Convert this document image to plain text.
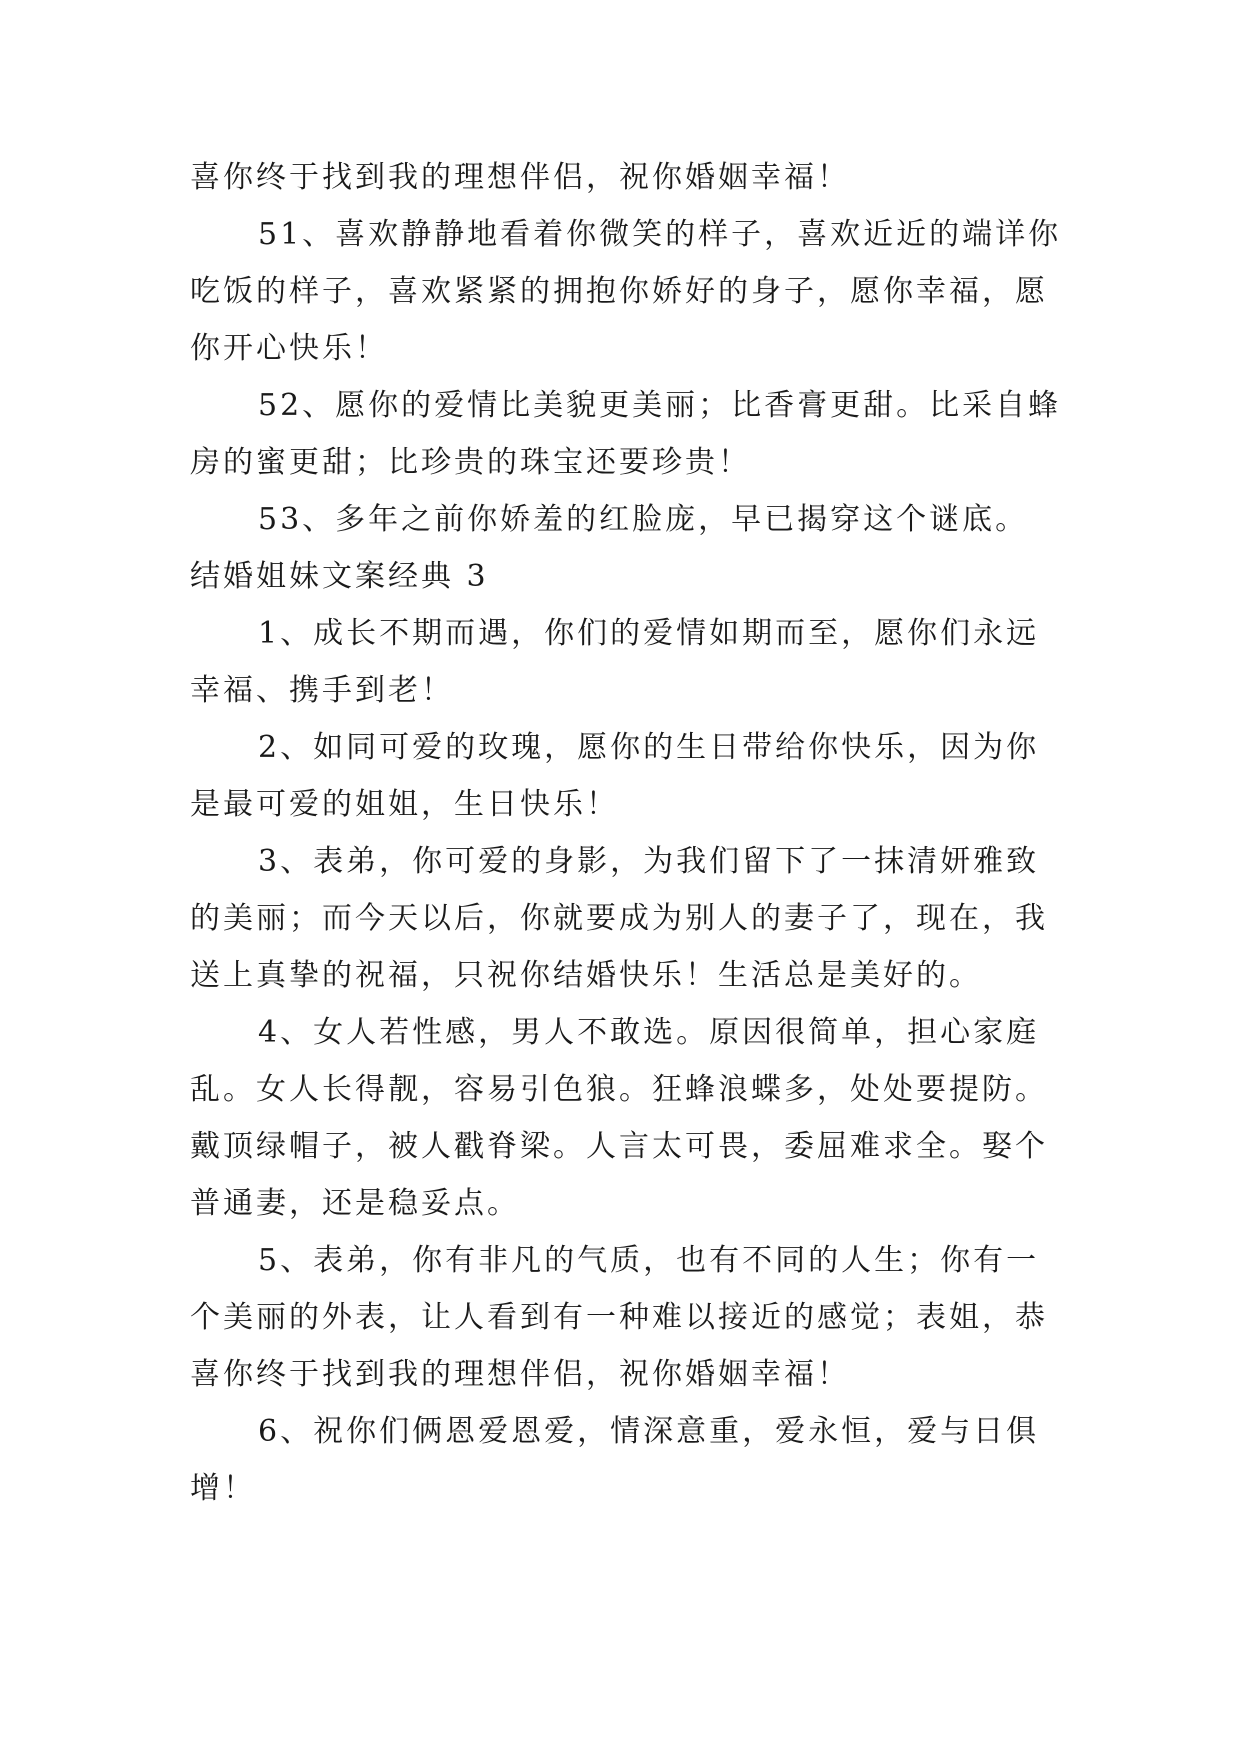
喜你终于找到我的理想伴侣，祝你婚姻幸福！
51、喜欢静静地看着你微笑的样子，喜欢近近的端详你
吃饭的样子，喜欢紧紧的拥抱你娇好的身子，愿你幸福，愿
你开心快乐！
52、愿你的爱情比美貌更美丽；比香膏更甜。比采自蜂
房的蜜更甜；比珍贵的珠宝还要珍贵！
53、多年之前你娇羞的红脸庞，早已揭穿这个谜底。
结婚姐妹文案经典 3
1、成长不期而遇，你们的爱情如期而至，愿你们永远
幸福、携手到老！
2、如同可爱的玫瑰，愿你的生日带给你快乐，因为你
是最可爱的姐姐，生日快乐！
3、表弟，你可爱的身影，为我们留下了一抹清妍雅致
的美丽；而今天以后，你就要成为别人的妻子了，现在，我
送上真挚的祝福，只祝你结婚快乐！生活总是美好的。
4、女人若性感，男人不敢选。原因很简单，担心家庭
乱。女人长得靓，容易引色狼。狂蜂浪蝶多，处处要提防。
戴顶绿帽子，被人戳脊梁。人言太可畏，委屈难求全。娶个
普通妻，还是稳妥点。
5、表弟，你有非凡的气质，也有不同的人生；你有一
个美丽的外表，让人看到有一种难以接近的感觉；表姐，恭
喜你终于找到我的理想伴侣，祝你婚姻幸福！
6、祝你们俩恩爱恩爱，情深意重，爱永恒，爱与日俱
增！
